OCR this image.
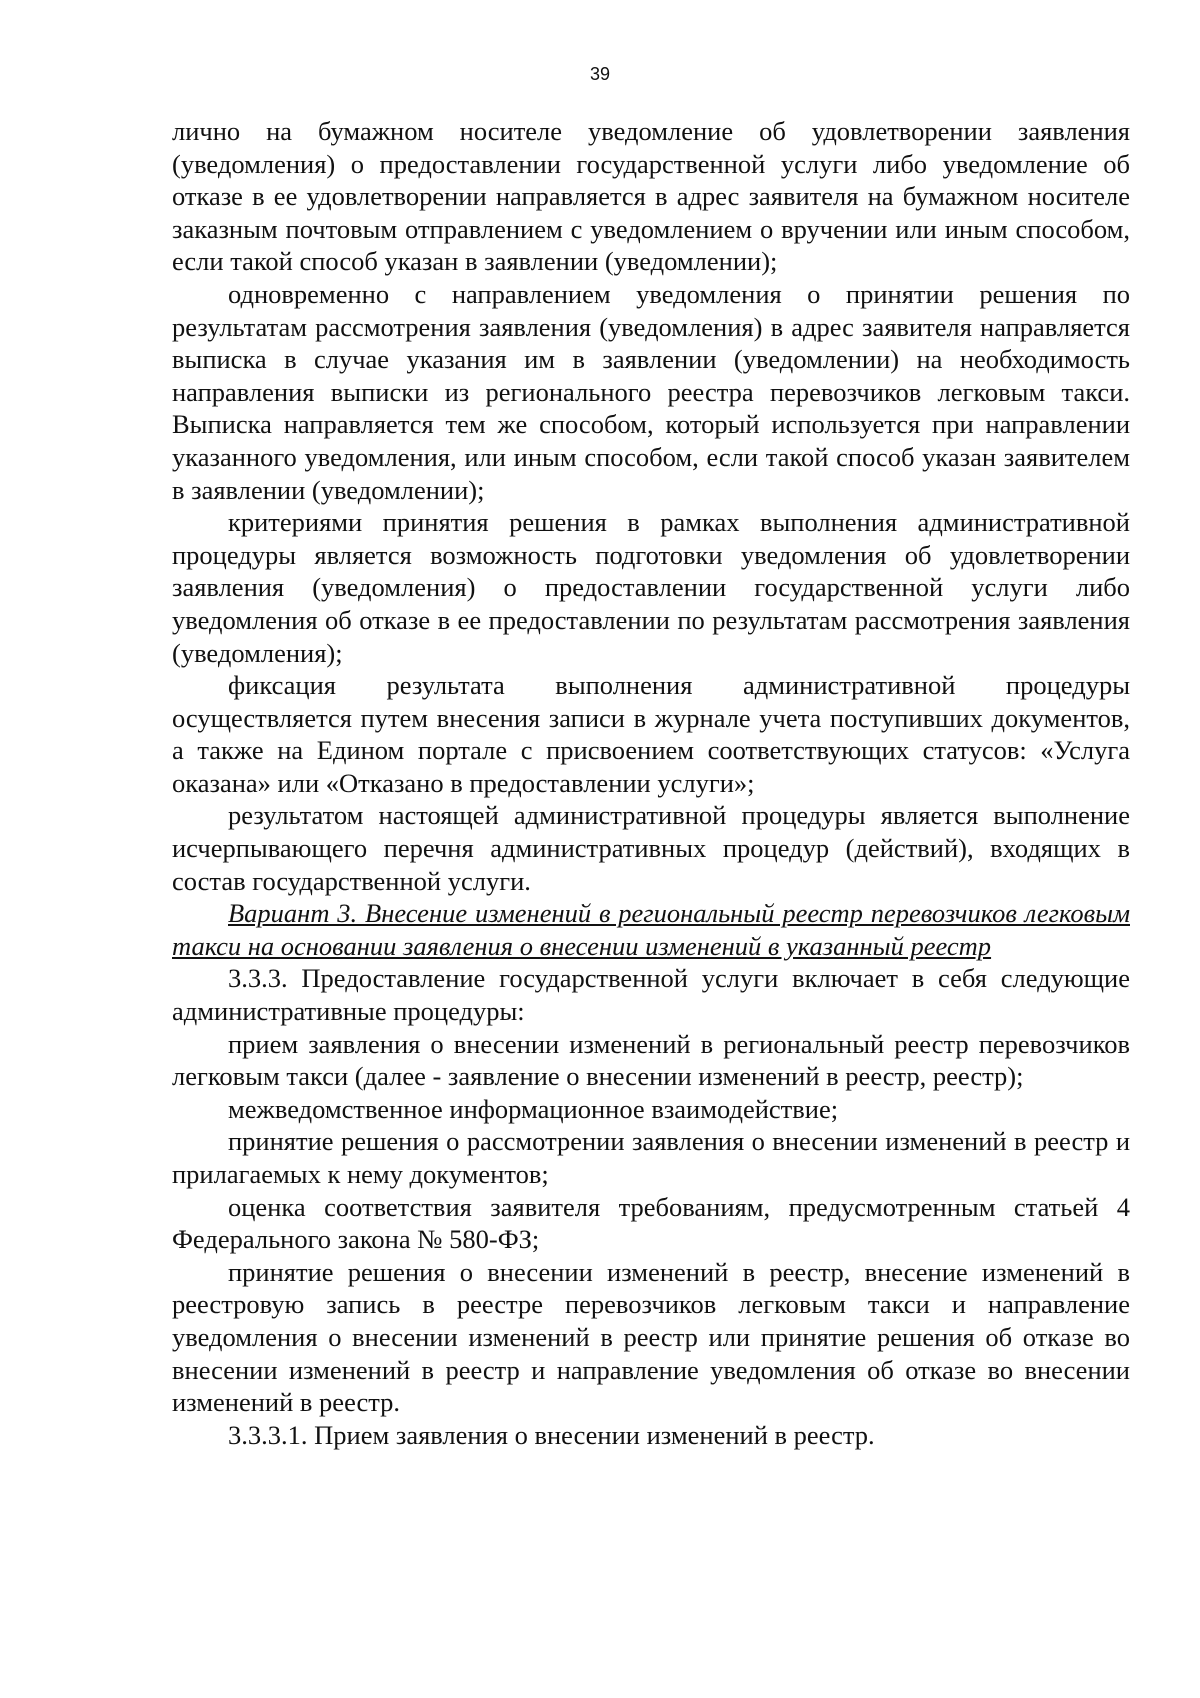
39

лично на бумажном носителе уведомление об удовлетворении заявления (уведомления) о предоставлении государственной услуги либо уведомление об отказе в ее удовлетворении направляется в адрес заявителя на бумажном носителе заказным почтовым отправлением с уведомлением о вручении или иным способом, если такой способ указан в заявлении (уведомлении);

одновременно с направлением уведомления о принятии решения по результатам рассмотрения заявления (уведомления) в адрес заявителя направляется выписка в случае указания им в заявлении (уведомлении) на необходимость направления выписки из регионального реестра перевозчиков легковым такси. Выписка направляется тем же способом, который используется при направлении указанного уведомления, или иным способом, если такой способ указан заявителем в заявлении (уведомлении);

критериями принятия решения в рамках выполнения административной процедуры является возможность подготовки уведомления об удовлетворении заявления (уведомления) о предоставлении государственной услуги либо уведомления об отказе в ее предоставлении по результатам рассмотрения заявления (уведомления);

фиксация результата выполнения административной процедуры осуществляется путем внесения записи в журнале учета поступивших документов, а также на Едином портале с присвоением соответствующих статусов: «Услуга оказана» или «Отказано в предоставлении услуги»;

результатом настоящей административной процедуры является выполнение исчерпывающего перечня административных процедур (действий), входящих в состав государственной услуги.

Вариант 3. Внесение изменений в региональный реестр перевозчиков легковым такси на основании заявления о внесении изменений в указанный реестр

3.3.3. Предоставление государственной услуги включает в себя следующие административные процедуры:

прием заявления о внесении изменений в региональный реестр перевозчиков легковым такси (далее - заявление о внесении изменений в реестр, реестр);

межведомственное информационное взаимодействие;

принятие решения о рассмотрении заявления о внесении изменений в реестр и прилагаемых к нему документов;

оценка соответствия заявителя требованиям, предусмотренным статьей 4 Федерального закона № 580-ФЗ;

принятие решения о внесении изменений в реестр, внесение изменений в реестровую запись в реестре перевозчиков легковым такси и направление уведомления о внесении изменений в реестр или принятие решения об отказе во внесении изменений в реестр и направление уведомления об отказе во внесении изменений в реестр.

3.3.3.1. Прием заявления о внесении изменений в реестр.
